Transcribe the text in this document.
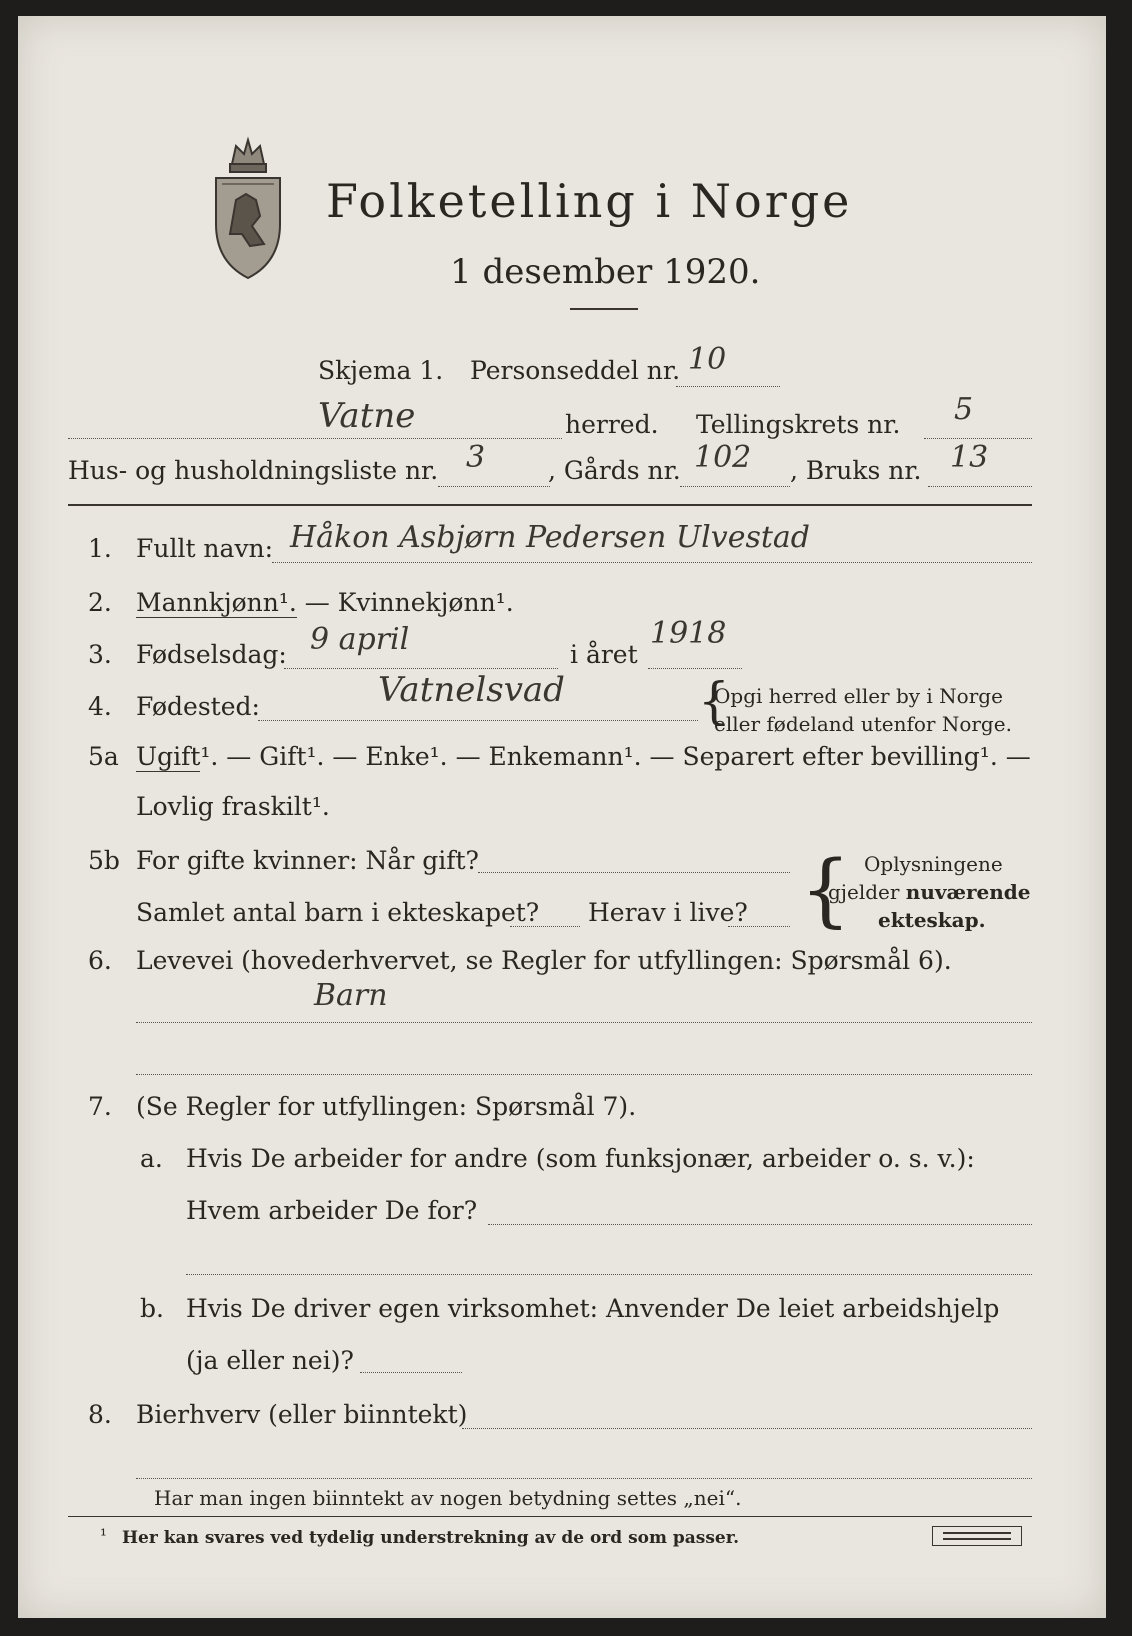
Folketelling i Norge
1 desember 1920.
Skjema 1. Personseddel nr. 10
Vatne	herred. Tellingskrets nr. 5
Hus- og husholdningsliste nr. 3	, Gårds nr. 102 , Bruks nr. 13
1. Fullt navn: Håkon Asbjørn Pedersen Ulvestad
2. Mannkjønn¹. — Kvinnekjønn¹.
3. Fødselsdag: 9 april	i året
1918
4. Fødested:	Vatnelsvad	{
Opgi herred eller by i Norge
eller fødeland utenfor Norge.
5a Ugift¹. — Gift¹. — Enke¹. — Enkemann¹. — Separert efter bevilling¹. —
Lovlig fraskilt¹.
5b For gifte kvinner: Når gift?
Samlet antal barn i ekteskapet? Herav i live? { Oplysningene
gjelder nuværende
ekteskap.
6. Levevei (hovederhvervet, se Regler for utfyllingen: Spørsmål 6).
Barn
7. (Se Regler for utfyllingen: Spørsmål 7).
a. Hvis De arbeider for andre (som funksjonær, arbeider o. s. v.):
Hvem arbeider De for?
b. Hvis De driver egen virksomhet: Anvender De leiet arbeidshjelp
(ja eller nei)?
8. Bierhverv (eller biinntekt)
Har man ingen biinntekt av nogen betydning settes „nei“.
¹ Her kan svares ved tydelig understrekning av de ord som passer.
